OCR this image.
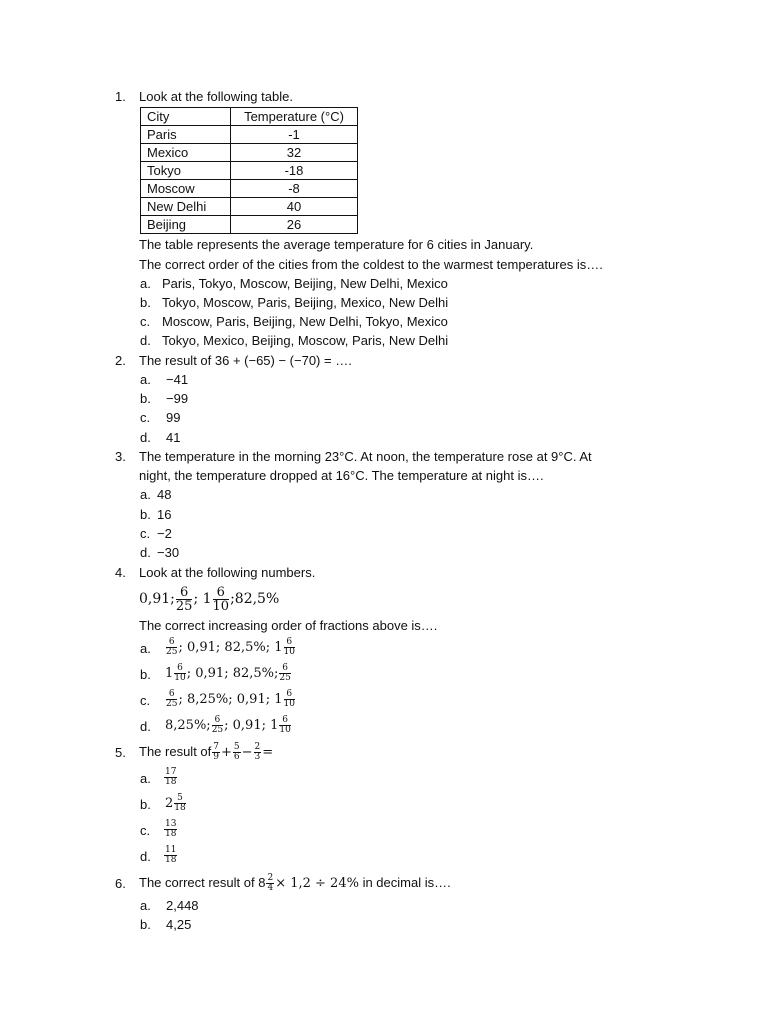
1. Look at the following table.
City	Temperature (°C)
Paris	-1
Mexico	32
Tokyo	-18
Moscow	-8
New Delhi	40
Beijing	26
The table represents the average temperature for 6 cities in January.
The correct order of the cities from the coldest to the warmest temperatures is….
a. Paris, Tokyo, Moscow, Beijing, New Delhi, Mexico
b. Tokyo, Moscow, Paris, Beijing, Mexico, New Delhi
c. Moscow, Paris, Beijing, New Delhi, Tokyo, Mexico
d. Tokyo, Mexico, Beijing, Moscow, Paris, New Delhi
2. The result of 36 + (−65) − (−70) = ….
a. −41
b. −99
c. 99
d. 41
3. The temperature in the morning 23°C. At noon, the temperature rose at 9°C. At
night, the temperature dropped at 16°C. The temperature at night is….
a. 48
b. 16
c. −2
d. −30
4. Look at the following numbers.
0,91; $\frac{6}{25}$ ; $1 \frac{6}{10}$ ;82,5%
The correct increasing order of fractions above is….
a. $\frac{6}{25}$ ; 0,91; 82,5%; $1 \frac{6}{10}$
b. $1 \frac{6}{10}$ ; 0,91; 82,5%; $\frac{6}{25}$
c. $\frac{6}{25}$ ; 8,25%; 0,91; $1 \frac{6}{10}$
d. 8,25%; $\frac{6}{25}$ ; 0,91; $1 \frac{6}{10}$
5. The result of $\frac{7}{9} + \frac{5}{6} - \frac{2}{3}$ =
a. $\frac{17}{18}$
b. $2 \frac{5}{18}$
c. $\frac{13}{18}$
d. $\frac{11}{18}$
6. The correct result of $8 \frac{2}{4} \times 1,2 \div 24\%$ in decimal is….
a. 2,448
b. 4,25
